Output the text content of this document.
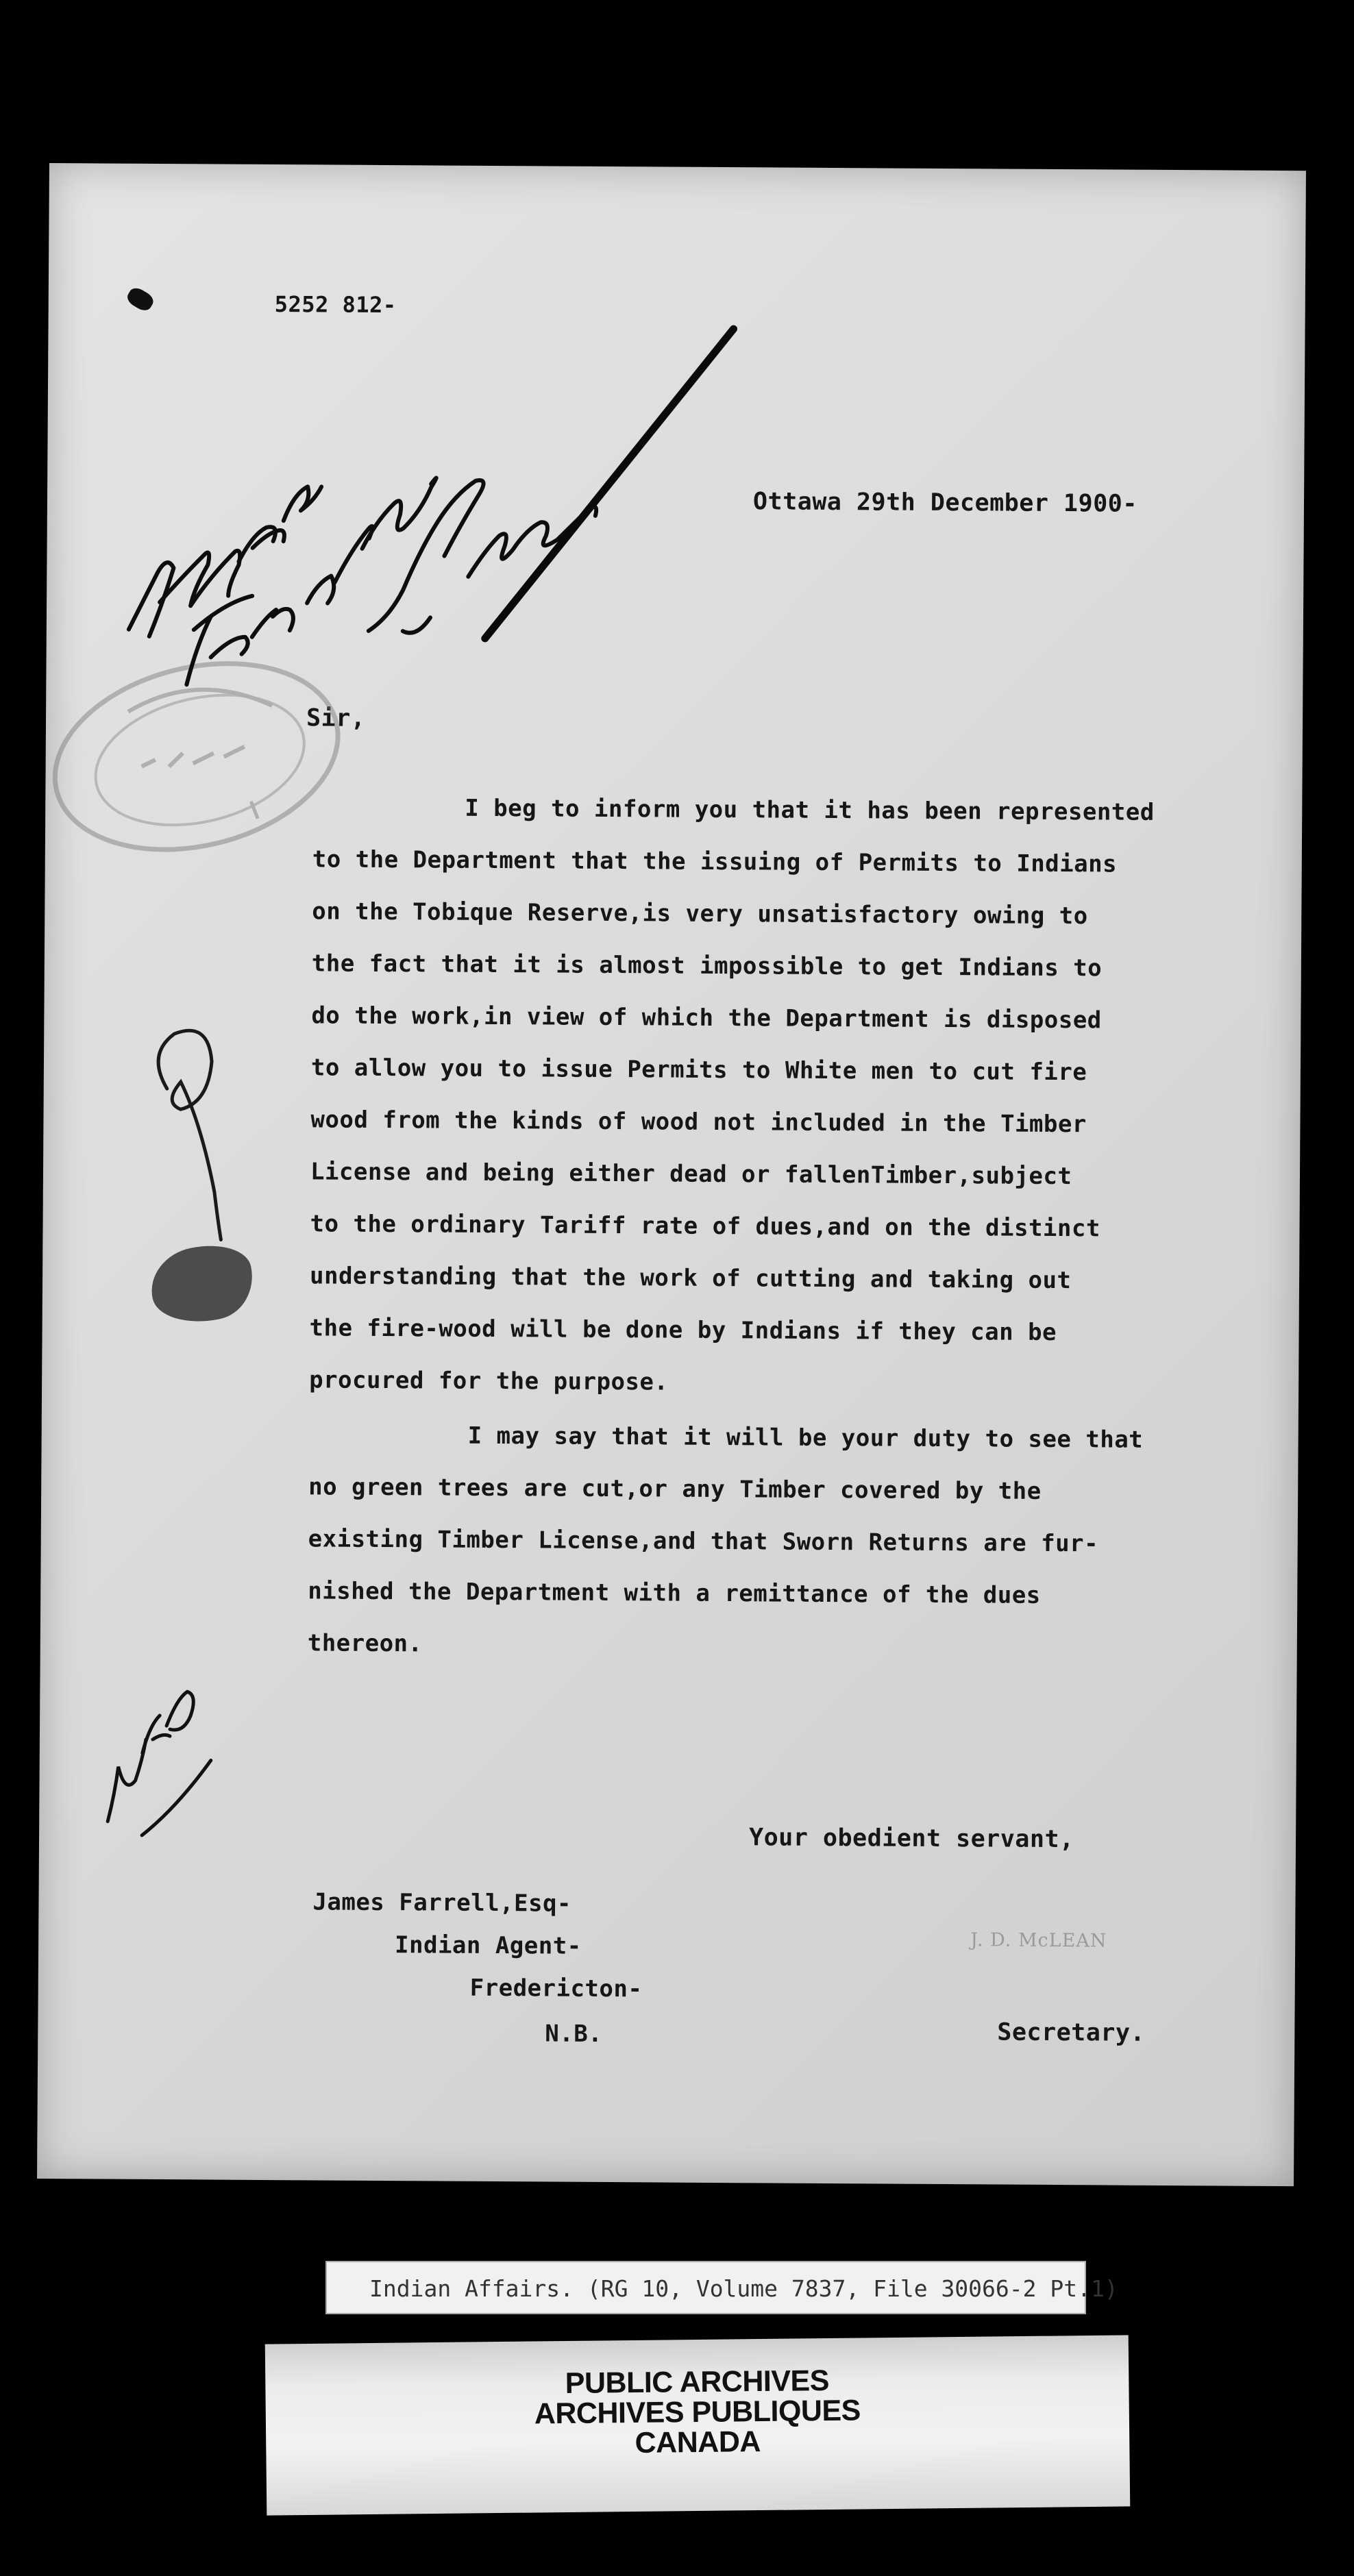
5252 812-
Ottawa 29th December 1900-
Sir,
I beg to inform you that it has been represented
to the Department that the issuing of Permits to Indians
on the Tobique Reserve,is very unsatisfactory owing to
the fact that it is almost impossible to get Indians to
do the work,in view of which the Department is disposed
to allow you to issue Permits to White men to cut fire
wood from the kinds of wood not included in the Timber
License and being either dead or fallenTimber,subject
to the ordinary Tariff rate of dues,and on the distinct
understanding that the work of cutting and taking out
the fire-wood will be done by Indians if they can be
procured for the purpose.
I may say that it will be your duty to see that
no green trees are cut,or any Timber covered by the
existing Timber License,and that Sworn Returns are fur-
nished the Department with a remittance of the dues
thereon.
Your obedient servant,
James Farrell,Esq-
Indian Agent-
Fredericton-
N.B.
J. D. McLEAN
Secretary.
Indian Affairs. (RG 10, Volume 7837, File 30066-2 Pt.1)
PUBLIC ARCHIVES
ARCHIVES PUBLIQUES
CANADA
